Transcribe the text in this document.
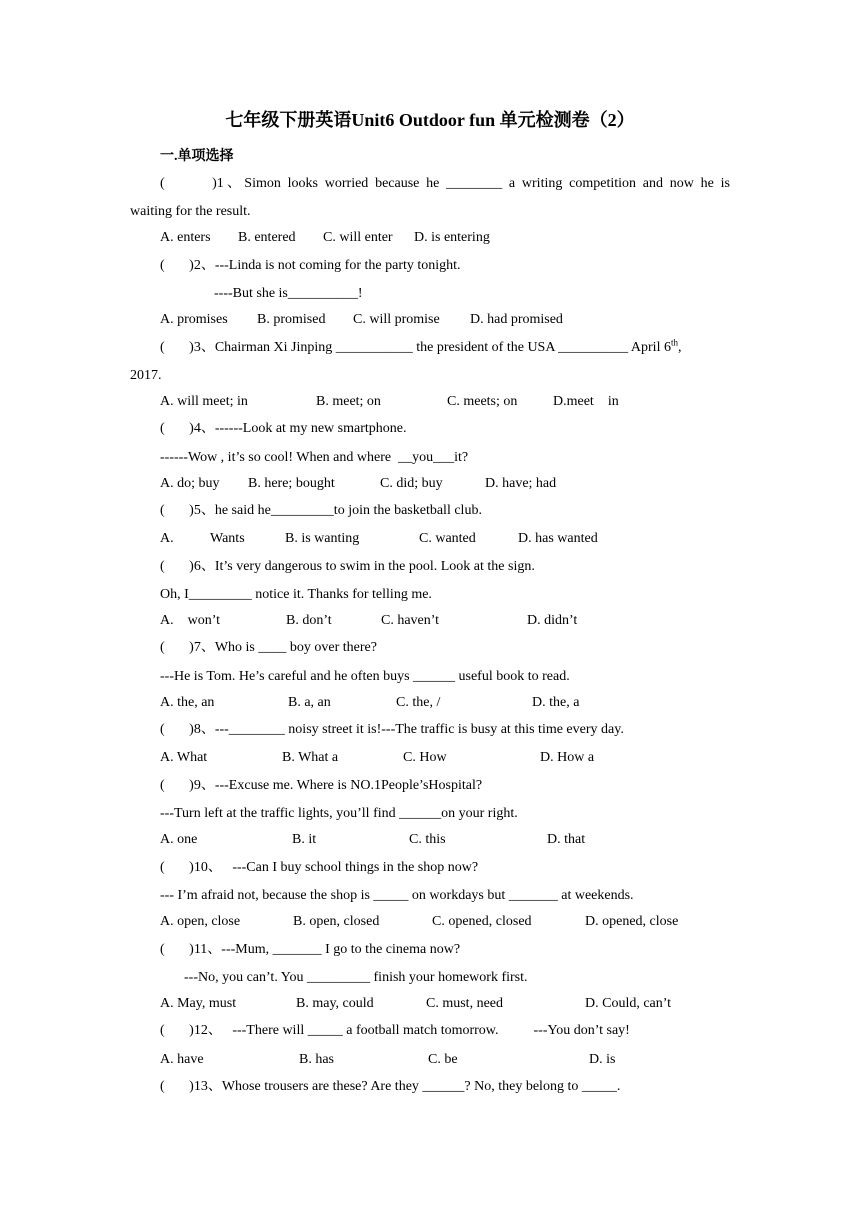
七年级下册英语Unit6 Outdoor fun 单元检测卷（2）
一.单项选择
(       )1、Simon looks worried because he ________ a writing competition and now he is
waiting for the result.
A. enters B. entered C. will enter D. is entering
(       )2、---Linda is not coming for the party tonight.
----But she is__________!
A. promises B. promised C. will promise D. had promised
(       )3、Chairman Xi Jinping ___________ the president of the USA __________ April 6th,
2017.
A. will meet; in	B. meet; on	C. meets; on	D.meet    in
(       )4、------Look at my new smartphone.
------Wow , it’s so cool! When and where  __you___it?
A. do; buy B. here; bought	C. did; buy	D. have; had
(       )5、he said he_________to join the basketball club.
A.	Wants	B. is wanting	C. wanted	D. has wanted
(       )6、It’s very dangerous to swim in the pool. Look at the sign.
Oh, I_________ notice it. Thanks for telling me.
A.    won’t	B. don’t	C. haven’t	D. didn’t
(       )7、Who is ____ boy over there?
---He is Tom. He’s careful and he often buys ______ useful book to read.
A. the, an	B. a, an	C. the, /	D. the, a
(       )8、---________ noisy street it is!---The traffic is busy at this time every day.
A. What	B. What a	C. How	D. How a
(       )9、---Excuse me. Where is NO.1People’sHospital?
---Turn left at the traffic lights, you’ll find ______on your right.
A. one	B. it	C. this	D. that
(       )10、   ---Can I buy school things in the shop now?
--- I’m afraid not, because the shop is _____ on workdays but _______ at weekends.
A. open, close	B. open, closed	C. opened, closed	D. opened, close
(       )11、---Mum, _______ I go to the cinema now?
---No, you can’t. You _________ finish your homework first.
A. May, must	B. may, could	C. must, need	D. Could, can’t
(       )12、   ---There will _____ a football match tomorrow.          ---You don’t say!
A. have	B. has	C. be	D. is
(       )13、Whose trousers are these? Are they ______? No, they belong to _____.
